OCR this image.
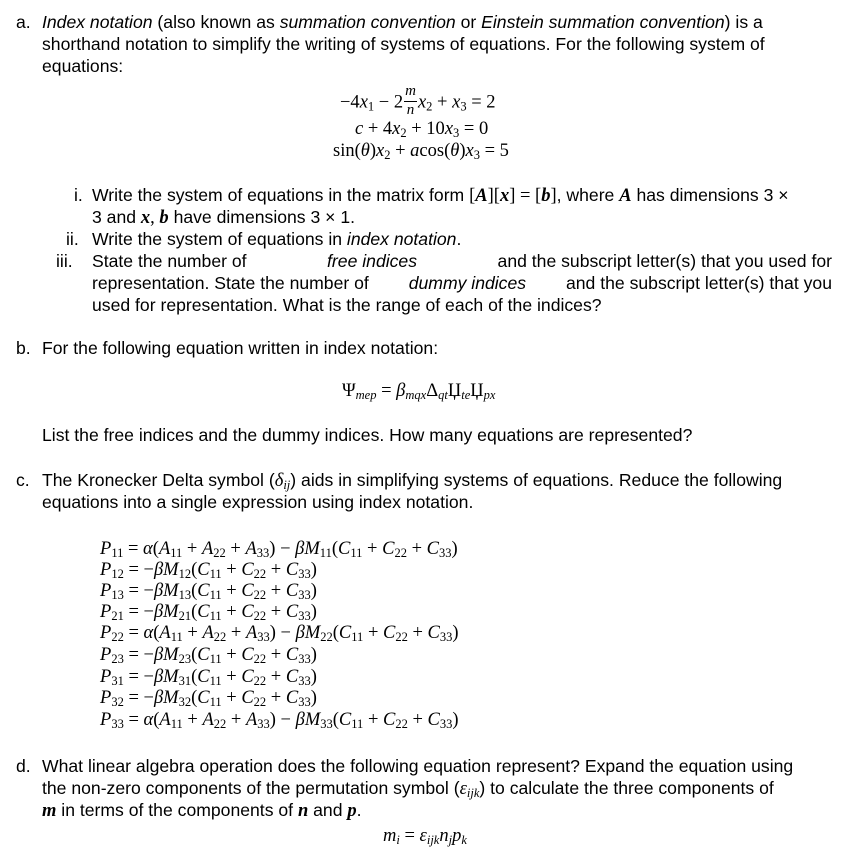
a. Index notation (also known as summation convention or Einstein summation convention) is a
shorthand notation to simplify the writing of systems of equations. For the following system of
equations:
$-4x_1 - 2 \frac{m}{n} x_2 + x_3 = 2$
$c + 4x_2 + 10x_3 = 0$
$\sin(\theta)x_2 + acos(\theta)x_3 = 5$
i. Write the system of equations in the matrix form [A][x] = [b], where A has dimensions 3 ×
3 and x, b have dimensions 3 × 1.
ii. Write the system of equations in index notation.
iii. State the number of	free indices	and the subscript letter(s) that you used for
representation. State the number of dummy indices and the subscript letter(s) that you
used for representation. What is the range of each of the indices?
b. For the following equation written in index notation:
$\Psi_{mep} = \beta_{mqx}\Delta_{qt}Џ_{te}Џ_{px}$
List the free indices and the dummy indices. How many equations are represented?
c. The Kronecker Delta symbol $(\delta_{ij})$ aids in simplifying systems of equations. Reduce the following
equations into a single expression using index notation.
$P_{11} = \alpha(A_{11} + A_{22} + A_{33}) - \beta M_{11}(C_{11} + C_{22} + C_{33})$
$P_{12} = -\beta M_{12}(C_{11} + C_{22} + C_{33})$
$P_{13} = -\beta M_{13}(C_{11} + C_{22} + C_{33})$
$P_{21} = -\beta M_{21}(C_{11} + C_{22} + C_{33})$
$P_{22} = \alpha(A_{11} + A_{22} + A_{33}) - \beta M_{22}(C_{11} + C_{22} + C_{33})$
$P_{23} = -\beta M_{23}(C_{11} + C_{22} + C_{33})$
$P_{31} = -\beta M_{31}(C_{11} + C_{22} + C_{33})$
$P_{32} = -\beta M_{32}(C_{11} + C_{22} + C_{33})$
$P_{33} = \alpha(A_{11} + A_{22} + A_{33}) - \beta M_{33}(C_{11} + C_{22} + C_{33})$
d. What linear algebra operation does the following equation represent? Expand the equation using
the non-zero components of the permutation symbol $(\varepsilon_{ijk})$ to calculate the three components of
m in terms of the components of n and p.
$m_i = \varepsilon_{ijk}n_jp_k$
